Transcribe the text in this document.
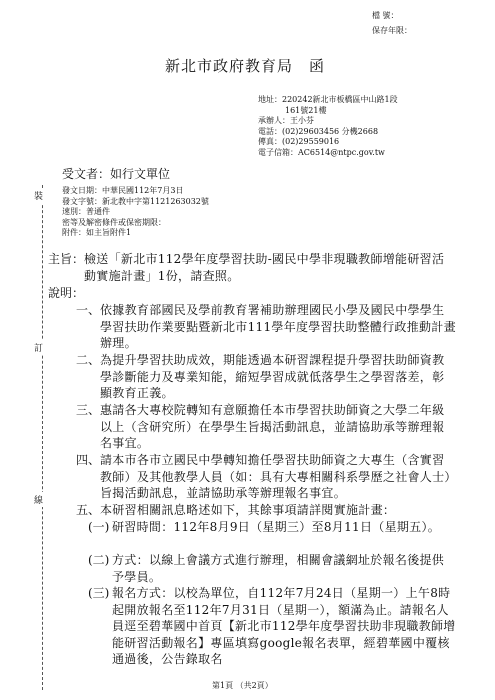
檔 號：
保存年限：
新北市政府教育局　函
地址：220242新北市板橋區中山路1段
161號21樓
承辦人：王小芬
電話：(02)29603456 分機2668
傳真：(02)29559016
電子信箱：AC6514@ntpc.gov.tw
裝
訂
線
受文者：如行文單位
發文日期：中華民國112年7月3日
發文字號：新北教中字第1121263032號
速別：普通件
密等及解密條件或保密期限：
附件：如主旨附件1
主旨： 檢送「新北市112學年度學習扶助-國民中學非現職教師增能研習活動實施計畫」1份，請查照。
說明：
一、 依據教育部國民及學前教育署補助辦理國民小學及國民中學學生學習扶助作業要點暨新北市111學年度學習扶助整體行政推動計畫辦理。
二、 為提升學習扶助成效，期能透過本研習課程提升學習扶助師資教學診斷能力及專業知能，縮短學習成就低落學生之學習落差，彰顯教育正義。
三、 惠請各大專校院轉知有意願擔任本市學習扶助師資之大學二年級以上（含研究所）在學學生旨揭活動訊息，並請協助承等辦理報名事宜。
四、 請本市各市立國民中學轉知擔任學習扶助師資之大專生（含實習教師）及其他教學人員（如：具有大專相關科系學歷之社會人士）旨揭活動訊息，並請協助承等辦理報名事宜。
五、 本研習相關訊息略述如下，其餘事項請詳閱實施計畫：
(一) 研習時間：112年8月9日（星期三）至8月11日（星期五）。
(二) 方式：以線上會議方式進行辦理，相關會議網址於報名後提供予學員。
(三) 報名方式：以校為單位，自112年7月24日（星期一）上午8時起開放報名至112年7月31日（星期一），額滿為止。請報名人員逕至碧華國中首頁【新北市112學年度學習扶助非現職教師增能研習活動報名】專區填寫google報名表單，經碧華國中覆核通過後，公告錄取名
第1頁 （共2頁）
